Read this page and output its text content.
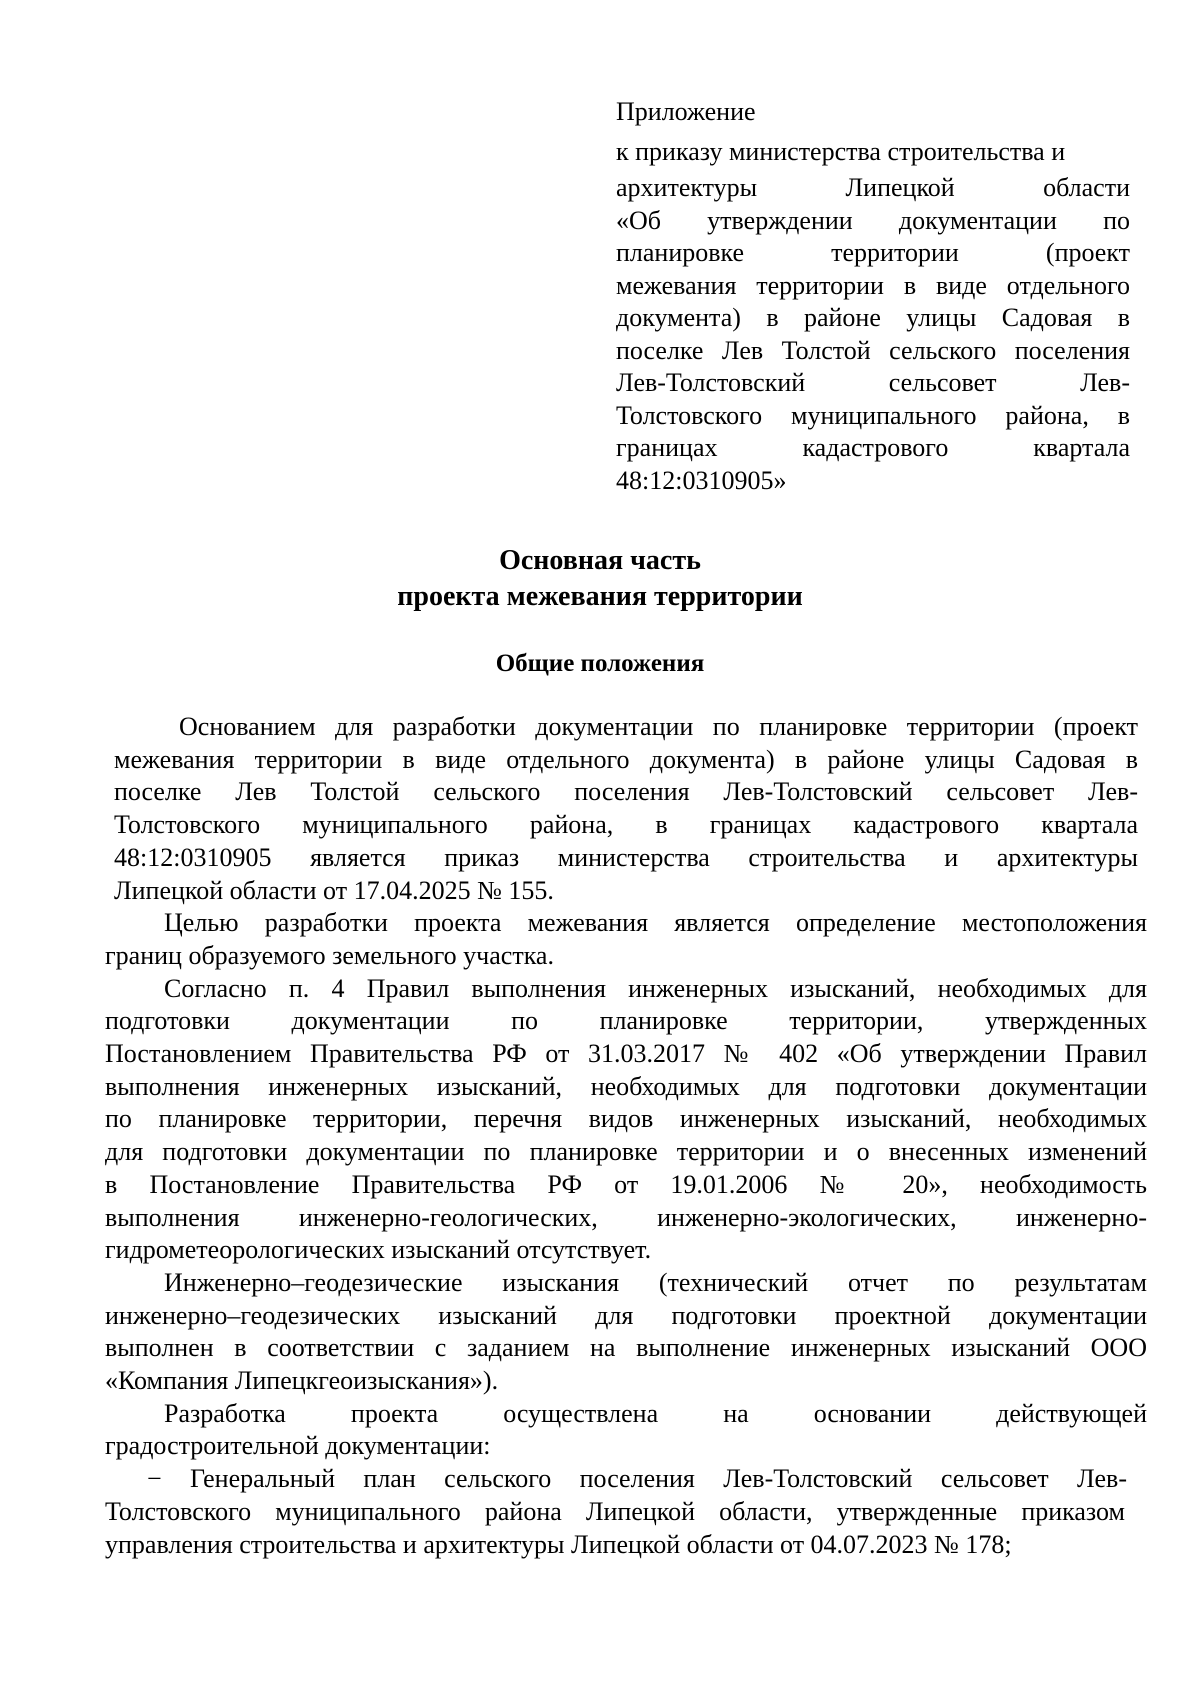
Приложение
к приказу министерства строительства и
архитектуры Липецкой области
«Об утверждении документации по
планировке территории (проект
межевания территории в виде отдельного
документа) в районе улицы Садовая в
поселке Лев Толстой сельского поселения
Лев-Толстовский сельсовет Лев-
Толстовского муниципального района, в
границах кадастрового квартала
48:12:0310905»
Основная часть
проекта межевания территории
Общие положения
Основанием для разработки документации по планировке территории (проект
межевания территории в виде отдельного документа) в районе улицы Садовая в
поселке Лев Толстой сельского поселения Лев-Толстовский сельсовет Лев-
Толстовского муниципального района, в границах кадастрового квартала
48:12:0310905 является приказ министерства строительства и архитектуры
Липецкой области от 17.04.2025 № 155.
Целью разработки проекта межевания является определение местоположения
границ образуемого земельного участка.
Согласно п. 4 Правил выполнения инженерных изысканий, необходимых для
подготовки документации по планировке территории, утвержденных
Постановлением Правительства РФ от 31.03.2017 № 402 «Об утверждении Правил
выполнения инженерных изысканий, необходимых для подготовки документации
по планировке территории, перечня видов инженерных изысканий, необходимых
для подготовки документации по планировке территории и о внесенных изменений
в Постановление Правительства РФ от 19.01.2006 № 20», необходимость
выполнения инженерно-геологических, инженерно-экологических, инженерно-
гидрометеорологических изысканий отсутствует.
Инженерно–геодезические изыскания (технический отчет по результатам
инженерно–геодезических изысканий для подготовки проектной документации
выполнен в соответствии с заданием на выполнение инженерных изысканий ООО
«Компания Липецкгеоизыскания»).
Разработка проекта осуществлена на основании действующей
градостроительной документации:
− Генеральный план сельского поселения Лев-Толстовский сельсовет Лев-
Толстовского муниципального района Липецкой области, утвержденные приказом
управления строительства и архитектуры Липецкой области от 04.07.2023 № 178;
